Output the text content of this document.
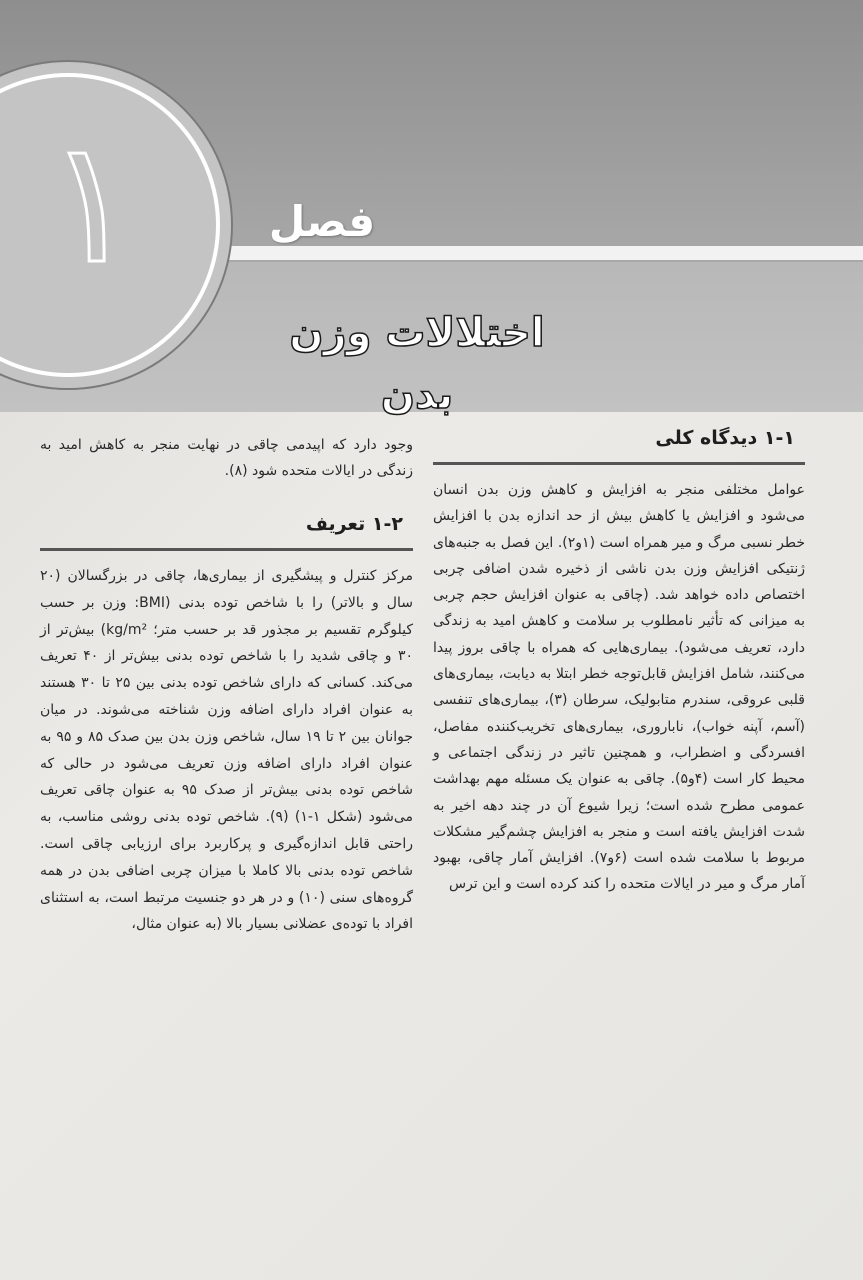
۱	فصل
اختلالات وزن بدن
۱-۱ دیدگاه کلی

عوامل مختلفی منجر به افزایش و کاهش وزن بدن انسان می‌شود و افزایش یا کاهش بیش از حد اندازه بدن با افزایش خطر نسبی مرگ و میر همراه است (۱و۲). این فصل به جنبه‌های ژنتیکی افزایش وزن بدن ناشی از ذخیره شدن اضافی چربی اختصاص داده خواهد شد. (چاقی به عنوان افزایش حجم چربی به میزانی که تأثیر نامطلوب بر سلامت و کاهش امید به زندگی دارد، تعریف می‌شود). بیماری‌هایی که همراه با چاقی بروز پیدا می‌کنند، شامل افزایش قابل‌توجه خطر ابتلا به دیابت، بیماری‌های قلبی عروقی، سندرم متابولیک، سرطان (۳)، بیماری‌های تنفسی (آسم، آپنه خواب)، ناباروری، بیماری‌های تخریب‌کننده مفاصل، افسردگی و اضطراب، و همچنین تاثیر در زندگی اجتماعی و محیط کار است (۴و۵). چاقی به عنوان یک مسئله مهم بهداشت عمومی مطرح شده است؛ زیرا شیوع آن در چند دهه اخیر به شدت افزایش یافته است و منجر به افزایش چشم‌گیر مشکلات مربوط با سلامت شده است (۶و۷). افزایش آمار چاقی، بهبود آمار مرگ و میر در ایالات متحده را کند کرده است و این ترس

وجود دارد که اپیدمی چاقی در نهایت منجر به کاهش امید به زندگی در ایالات متحده شود (۸).

۱-۲ تعریف

مرکز کنترل و پیشگیری از بیماری‌ها، چاقی در بزرگسالان (۲۰ سال و بالاتر) را با شاخص توده بدنی (BMI: وزن بر حسب کیلوگرم تقسیم بر مجذور قد بر حسب متر؛ kg/m²) بیش‌تر از ۳۰ و چاقی شدید را با شاخص توده بدنی بیش‌تر از ۴۰ تعریف می‌کند. کسانی که دارای شاخص توده بدنی بین ۲۵ تا ۳۰ هستند به عنوان افراد دارای اضافه وزن شناخته می‌شوند. در میان جوانان بین ۲ تا ۱۹ سال، شاخص وزن بدن بین صدک ۸۵ و ۹۵ به عنوان افراد دارای اضافه وزن تعریف می‌شود در حالی که شاخص توده بدنی بیش‌تر از صدک ۹۵ به عنوان چاقی تعریف می‌شود (شکل ۱-۱) (۹). شاخص توده بدنی روشی مناسب، به راحتی قابل اندازه‌گیری و پرکاربرد برای ارزیابی چاقی است. شاخص توده بدنی بالا کاملا با میزان چربی اضافی بدن در همه گروه‌های سنی (۱۰) و در هر دو جنسیت مرتبط است، به استثنای افراد با توده‌ی عضلانی بسیار بالا (به عنوان مثال،
